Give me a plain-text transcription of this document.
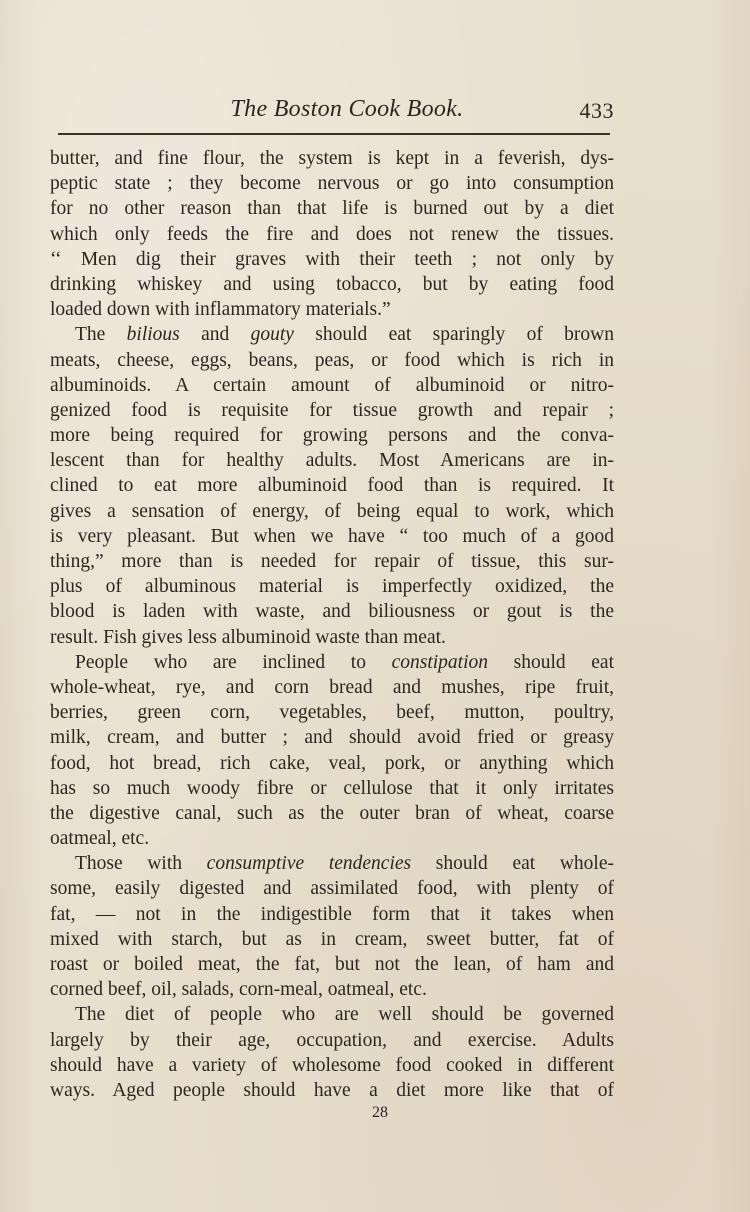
The Boston Cook Book.	433
butter, and fine flour, the system is kept in a feverish, dys-
peptic state ; they become nervous or go into consumption
for no other reason than that life is burned out by a diet
which only feeds the fire and does not renew the tissues.
‘‘ Men dig their graves with their teeth ; not only by
drinking whiskey and using tobacco, but by eating food
loaded down with inflammatory materials.”
The bilious and gouty should eat sparingly of brown
meats, cheese, eggs, beans, peas, or food which is rich in
albuminoids. A certain amount of albuminoid or nitro-
genized food is requisite for tissue growth and repair ;
more being required for growing persons and the conva-
lescent than for healthy adults. Most Americans are in-
clined to eat more albuminoid food than is required. It
gives a sensation of energy, of being equal to work, which
is very pleasant. But when we have “ too much of a good
thing,” more than is needed for repair of tissue, this sur-
plus of albuminous material is imperfectly oxidized, the
blood is laden with waste, and biliousness or gout is the
result. Fish gives less albuminoid waste than meat.
People who are inclined to constipation should eat
whole-wheat, rye, and corn bread and mushes, ripe fruit,
berries, green corn, vegetables, beef, mutton, poultry,
milk, cream, and butter ; and should avoid fried or greasy
food, hot bread, rich cake, veal, pork, or anything which
has so much woody fibre or cellulose that it only irritates
the digestive canal, such as the outer bran of wheat, coarse
oatmeal, etc.
Those with consumptive tendencies should eat whole-
some, easily digested and assimilated food, with plenty of
fat, — not in the indigestible form that it takes when
mixed with starch, but as in cream, sweet butter, fat of
roast or boiled meat, the fat, but not the lean, of ham and
corned beef, oil, salads, corn-meal, oatmeal, etc.
The diet of people who are well should be governed
largely by their age, occupation, and exercise. Adults
should have a variety of wholesome food cooked in different
ways. Aged people should have a diet more like that of
28
